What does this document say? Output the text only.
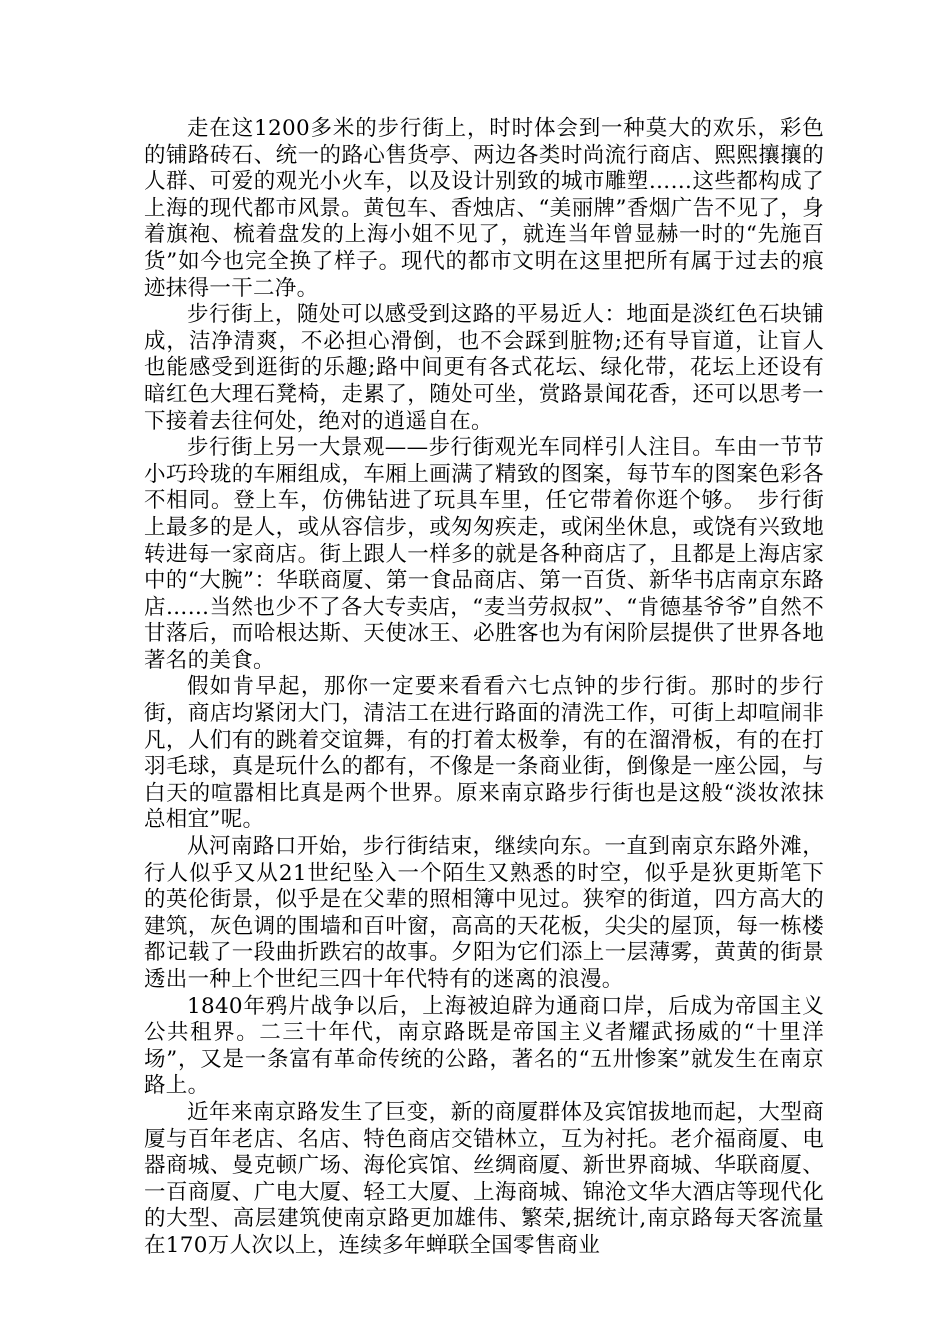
走在这1200多米的步行街上，时时体会到一种莫大的欢乐，彩色的铺路砖石、统一的路心售货亭、两边各类时尚流行商店、熙熙攘攘的人群、可爱的观光小火车，以及设计别致的城市雕塑……这些都构成了上海的现代都市风景。黄包车、香烛店、“美丽牌”香烟广告不见了，身着旗袍、梳着盘发的上海小姐不见了，就连当年曾显赫一时的“先施百货”如今也完全换了样子。现代的都市文明在这里把所有属于过去的痕迹抹得一干二净。

步行街上，随处可以感受到这路的平易近人：地面是淡红色石块铺成，洁净清爽，不必担心滑倒，也不会踩到脏物;还有导盲道，让盲人也能感受到逛街的乐趣;路中间更有各式花坛、绿化带，花坛上还设有暗红色大理石凳椅，走累了，随处可坐，赏路景闻花香，还可以思考一下接着去往何处，绝对的逍遥自在。

步行街上另一大景观——步行街观光车同样引人注目。车由一节节小巧玲珑的车厢组成，车厢上画满了精致的图案，每节车的图案色彩各不相同。登上车，仿佛钻进了玩具车里，任它带着你逛个够。　步行街上最多的是人，或从容信步，或匆匆疾走，或闲坐休息，或饶有兴致地转进每一家商店。街上跟人一样多的就是各种商店了，且都是上海店家中的“大腕”：华联商厦、第一食品商店、第一百货、新华书店南京东路店……当然也少不了各大专卖店，“麦当劳叔叔”、“肯德基爷爷”自然不甘落后，而哈根达斯、天使冰王、必胜客也为有闲阶层提供了世界各地著名的美食。

假如肯早起，那你一定要来看看六七点钟的步行街。那时的步行街，商店均紧闭大门，清洁工在进行路面的清洗工作，可街上却喧闹非凡，人们有的跳着交谊舞，有的打着太极拳，有的在溜滑板，有的在打羽毛球，真是玩什么的都有，不像是一条商业街，倒像是一座公园，与白天的喧嚣相比真是两个世界。原来南京路步行街也是这般“淡妆浓抹总相宜”呢。

从河南路口开始，步行街结束，继续向东。一直到南京东路外滩，行人似乎又从21世纪坠入一个陌生又熟悉的时空，似乎是狄更斯笔下的英伦街景，似乎是在父辈的照相簿中见过。狭窄的街道，四方高大的建筑，灰色调的围墙和百叶窗，高高的天花板，尖尖的屋顶，每一栋楼都记载了一段曲折跌宕的故事。夕阳为它们添上一层薄雾，黄黄的街景透出一种上个世纪三四十年代特有的迷离的浪漫。

1840年鸦片战争以后，上海被迫辟为通商口岸，后成为帝国主义公共租界。二三十年代，南京路既是帝国主义者耀武扬威的“十里洋场”，又是一条富有革命传统的公路，著名的“五卅惨案”就发生在南京路上。

近年来南京路发生了巨变，新的商厦群体及宾馆拔地而起，大型商厦与百年老店、名店、特色商店交错林立，互为衬托。老介福商厦、电器商城、曼克顿广场、海伦宾馆、丝绸商厦、新世界商城、华联商厦、一百商厦、广电大厦、轻工大厦、上海商城、锦沧文华大酒店等现代化的大型、高层建筑使南京路更加雄伟、繁荣,据统计,南京路每天客流量在170万人次以上，连续多年蝉联全国零售商业
